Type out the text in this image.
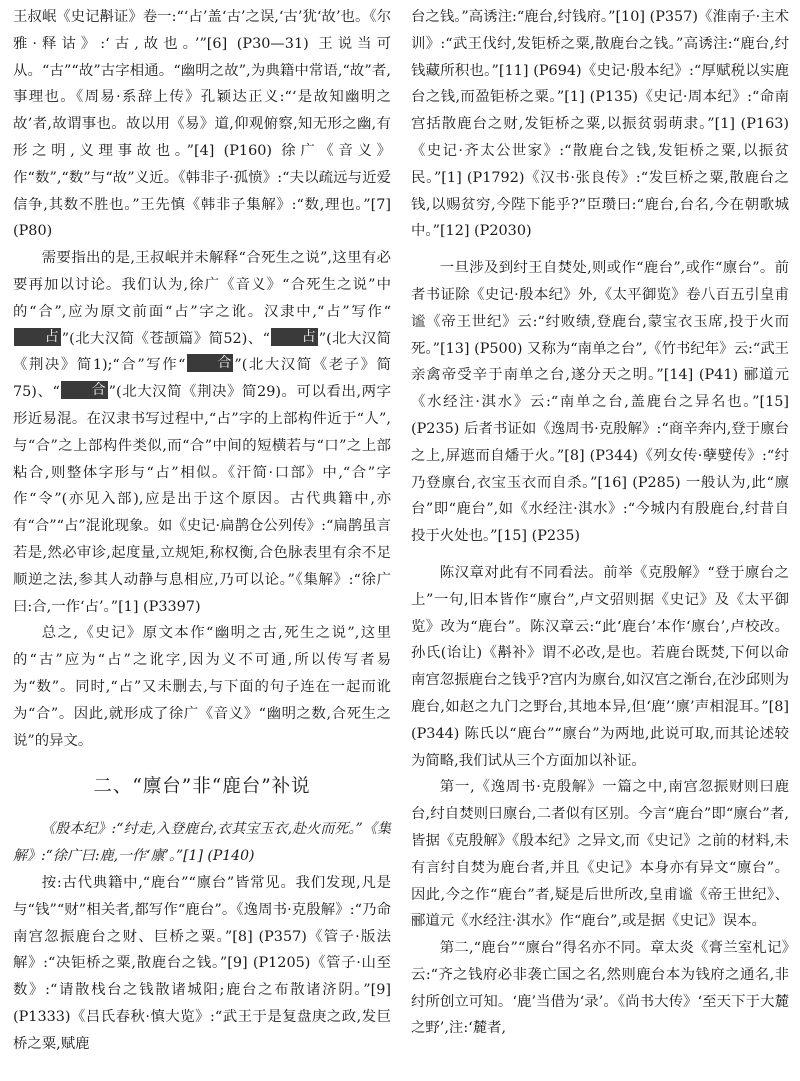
王叔岷《史记斠证》卷一:“‘占’盖‘古’之误,‘古’犹‘故’也。《尔雅·释诂》:‘古,故也。’”[6] (P30—31) 王说当可从。“古”“故”古字相通。“幽明之故”,为典籍中常语,“故”者,事理也。《周易·系辞上传》孔颖达正义:“‘是故知幽明之故’者,故谓事也。故以用《易》道,仰观俯察,知无形之幽,有形之明,义理事故也。”[4] (P160) 徐广《音义》作“数”,“数”与“故”义近。《韩非子·孤愤》:“夫以疏远与近爱信争,其数不胜也。”王先慎《韩非子集解》:“数,理也。”[7] (P80)

需要指出的是,王叔岷并未解释“合死生之说”,这里有必要再加以讨论。我们认为,徐广《音义》“合死生之说”中的“合”,应为原文前面“占”字之讹。汉隶中,“占”写作“占 ”(北大汉简《苍颉篇》简52)、“ 占 ”(北大汉简《荆决》简1);“合”写作“ 合 ”(北大汉简《老子》简75)、“ 合 ”(北大汉简《荆决》简29)。可以看出,两字形近易混。在汉隶书写过程中,“占”字的上部构件近于“人”,与“合”之上部构件类似,而“合”中间的短横若与“口”之上部粘合,则整体字形与“占”相似。《汗简·口部》中,“合”字作“令”(亦见入部),应是出于这个原因。古代典籍中,亦有“合”“占”混讹现象。如《史记·扁鹊仓公列传》:“扁鹊虽言若是,然必审诊,起度量,立规矩,称权衡,合色脉表里有余不足顺逆之法,参其人动静与息相应,乃可以论。”《集解》:“徐广曰:合,一作‘占’。”[1] (P3397)

总之,《史记》原文本作“幽明之古,死生之说”,这里的“古”应为“占”之讹字,因为义不可通,所以传写者易为“数”。同时,“占”又未删去,与下面的句子连在一起而讹为“合”。因此,就形成了徐广《音义》“幽明之数,合死生之说”的异文。

二、“廪台”非“鹿台”补说

《殷本纪》:“纣走,入登鹿台,衣其宝玉衣,赴火而死。”《集解》:“徐广曰:鹿,一作‘廪’。”[1] (P140)

按:古代典籍中,“鹿台”“廪台”皆常见。我们发现,凡是与“钱”“财”相关者,都写作“鹿台”。《逸周书·克殷解》:“乃命南宫忽振鹿台之财、巨桥之粟。”[8] (P357)《管子·版法解》:“决钜桥之粟,散鹿台之钱。”[9] (P1205)《管子·山至数》:“请散栈台之钱散诸城阳;鹿台之布散诸济阴。”[9] (P1333)《吕氏春秋·慎大览》:“武王于是复盘庚之政,发巨桥之粟,赋鹿

台之钱。”高诱注:“鹿台,纣钱府。”[10] (P357)《淮南子·主术训》:“武王伐纣,发钜桥之粟,散鹿台之钱。”高诱注:“鹿台,纣钱藏所积也。”[11] (P694)《史记·殷本纪》:“厚赋税以实鹿台之钱,而盈钜桥之粟。”[1] (P135)《史记·周本纪》:“命南宫括散鹿台之财,发钜桥之粟,以振贫弱萌隶。”[1] (P163)《史记·齐太公世家》:“散鹿台之钱,发钜桥之粟,以振贫民。”[1] (P1792)《汉书·张良传》:“发巨桥之粟,散鹿台之钱,以赐贫穷,今陛下能乎?”臣瓒曰:“鹿台,台名,今在朝歌城中。”[12] (P2030)

一旦涉及到纣王自焚处,则或作“鹿台”,或作“廪台”。前者书证除《史记·殷本纪》外,《太平御览》卷八百五引皇甫谧《帝王世纪》云:“纣败绩,登鹿台,蒙宝衣玉席,投于火而死。”[13] (P500) 又称为“南单之台”,《竹书纪年》云:“武王亲禽帝受辛于南单之台,遂分天之明。”[14] (P41) 郦道元《水经注·淇水》云:“南单之台,盖鹿台之异名也。”[15] (P235) 后者书证如《逸周书·克殷解》:“商辛奔内,登于廪台之上,屏遮而自燔于火。”[8] (P344)《列女传·孽嬖传》:“纣乃登廪台,衣宝玉衣而自杀。”[16] (P285) 一般认为,此“廪台”即“鹿台”,如《水经注·淇水》:“今城内有殷鹿台,纣昔自投于火处也。”[15] (P235)

陈汉章对此有不同看法。前举《克殷解》“登于廪台之上”一句,旧本皆作“廪台”,卢文弨则据《史记》及《太平御览》改为“鹿台”。陈汉章云:“此‘鹿台’本作‘廪台’,卢校改。孙氏(诒让)《斠补》谓不必改,是也。若鹿台既焚,下何以命南宫忽振鹿台之钱乎?宫内为廪台,如汉宫之渐台,在沙邱则为鹿台,如赵之九门之野台,其地本异,但‘鹿’‘廪’声相混耳。”[8] (P344) 陈氏以“鹿台”“廪台”为两地,此说可取,而其论述较为简略,我们试从三个方面加以补证。

第一,《逸周书·克殷解》一篇之中,南宫忽振财则曰鹿台,纣自焚则曰廪台,二者似有区别。今言“鹿台”即“廪台”者,皆据《克殷解》《殷本纪》之异文,而《史记》之前的材料,未有言纣自焚为鹿台者,并且《史记》本身亦有异文“廪台”。因此,今之作“鹿台”者,疑是后世所改,皇甫谧《帝王世纪》、郦道元《水经注·淇水》作“鹿台”,或是据《史记》误本。

第二,“鹿台”“廪台”得名亦不同。章太炎《膏兰室札记》云:“齐之钱府必非袭亡国之名,然则鹿台本为钱府之通名,非纣所创立可知。‘鹿’当借为‘录’。《尚书大传》‘至天下于大麓之野’,注:‘麓者,
